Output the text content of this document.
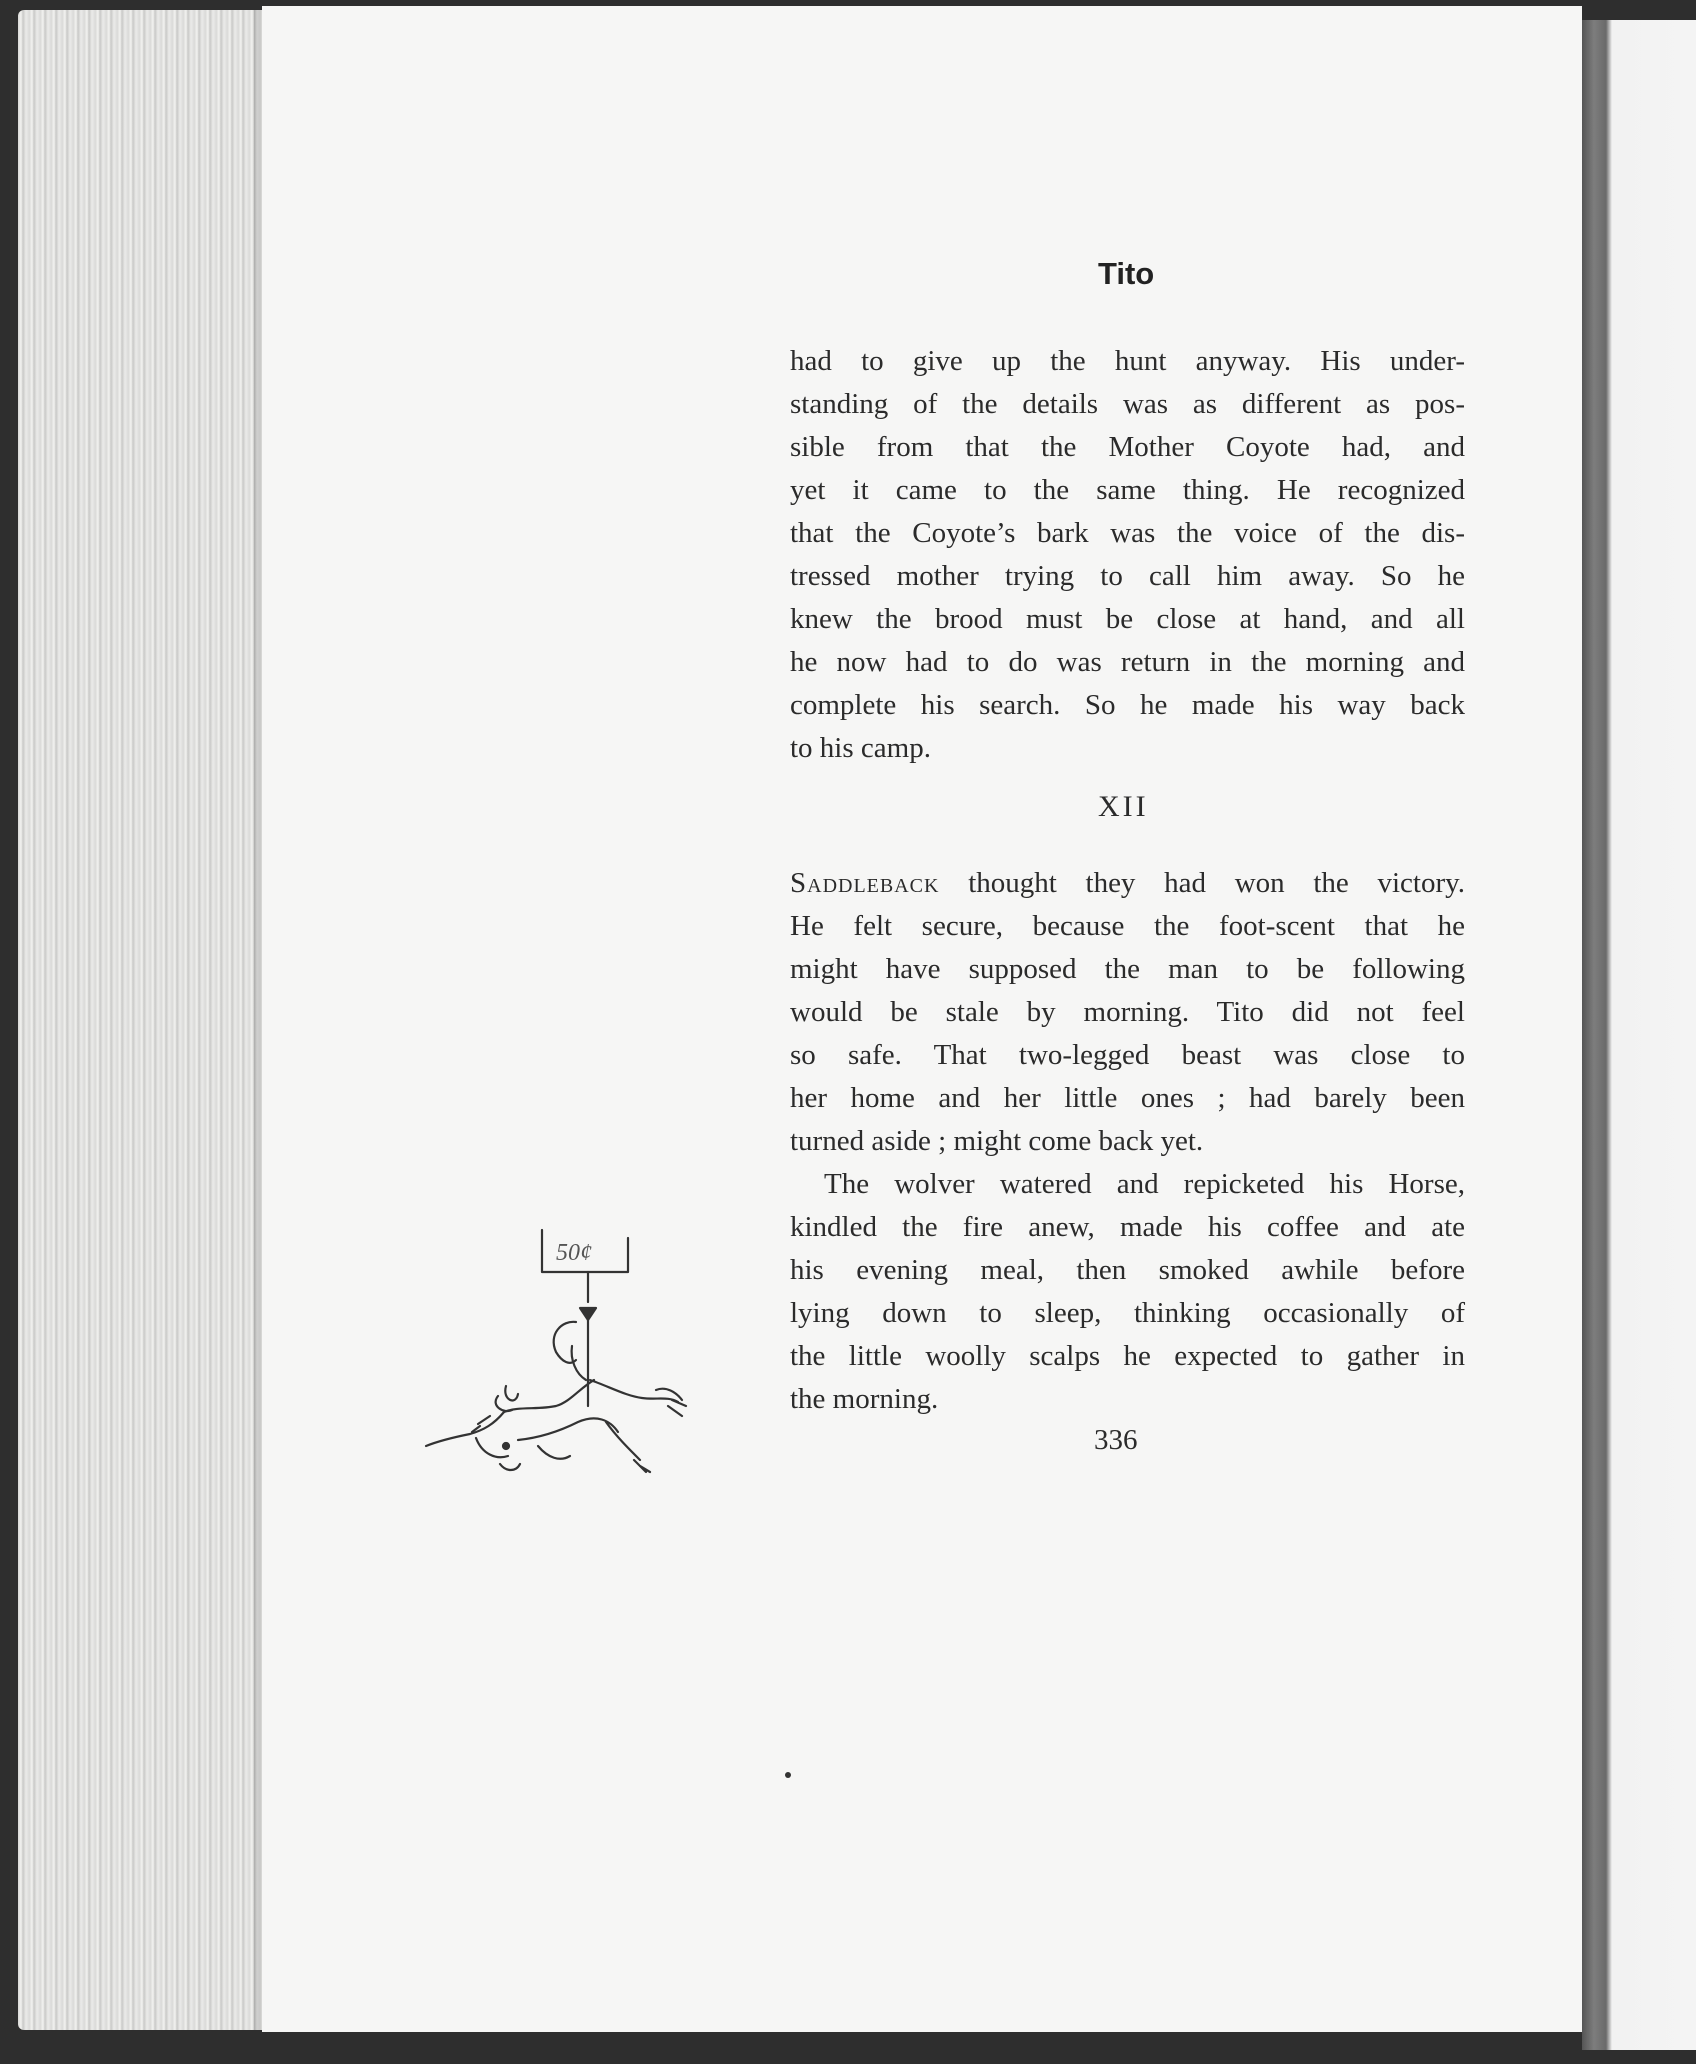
Tito
had to give up the hunt anyway. His under-
standing of the details was as different as pos-
sible from that the Mother Coyote had, and
yet it came to the same thing. He recognized
that the Coyote’s bark was the voice of the dis-
tressed mother trying to call him away. So he
knew the brood must be close at hand, and all
he now had to do was return in the morning and
complete his search. So he made his way back
to his camp.
Saddleback thought they had won the victory.
He felt secure, because the foot-scent that he
might have supposed the man to be following
would be stale by morning. Tito did not feel
so safe. That two-legged beast was close to
her home and her little ones ; had barely been
turned aside ; might come back yet.
The wolver watered and repicketed his Horse,
kindled the fire anew, made his coffee and ate
his evening meal, then smoked awhile before
lying down to sleep, thinking occasionally of
the little woolly scalps he expected to gather in
the morning.
XII
336
50¢
